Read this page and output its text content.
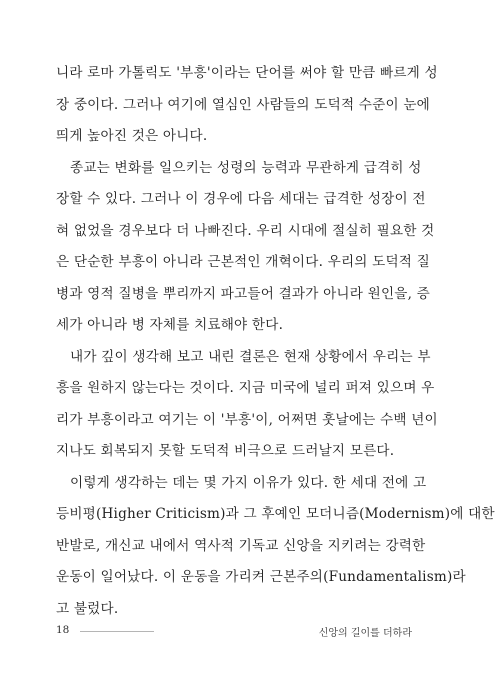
니라 로마 가톨릭도 '부흥'이라는 단어를 써야 할 만큼 빠르게 성
장 중이다. 그러나 여기에 열심인 사람들의 도덕적 수준이 눈에
띄게 높아진 것은 아니다.
종교는 변화를 일으키는 성령의 능력과 무관하게 급격히 성
장할 수 있다. 그러나 이 경우에 다음 세대는 급격한 성장이 전
혀 없었을 경우보다 더 나빠진다. 우리 시대에 절실히 필요한 것
은 단순한 부흥이 아니라 근본적인 개혁이다. 우리의 도덕적 질
병과 영적 질병을 뿌리까지 파고들어 결과가 아니라 원인을, 증
세가 아니라 병 자체를 치료해야 한다.
내가 깊이 생각해 보고 내린 결론은 현재 상황에서 우리는 부
흥을 원하지 않는다는 것이다. 지금 미국에 널리 퍼져 있으며 우
리가 부흥이라고 여기는 이 '부흥'이, 어쩌면 훗날에는 수백 년이
지나도 회복되지 못할 도덕적 비극으로 드러날지 모른다.
이렇게 생각하는 데는 몇 가지 이유가 있다. 한 세대 전에 고
등비평(Higher Criticism)과 그 후예인 모더니즘(Modernism)에 대한
반발로, 개신교 내에서 역사적 기독교 신앙을 지키려는 강력한
운동이 일어났다. 이 운동을 가리켜 근본주의(Fundamentalism)라
고 불렀다.
18	신앙의 길이를 더하라
